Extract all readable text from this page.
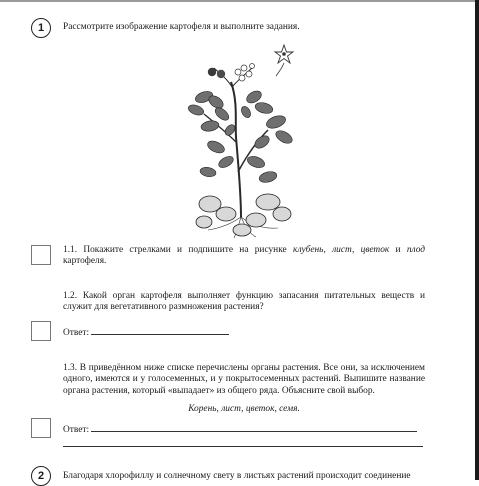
1 Рассмотрите изображение картофеля и выполните задания.
1.1. Покажите стрелками и подпишите на рисунке клубень, лист, цветок и плод картофеля.
1.2. Какой орган картофеля выполняет функцию запасания питательных веществ и служит для вегетативного размножения растения?
Ответ:
1.3. В приведённом ниже списке перечислены органы растения. Все они, за исключением одного, имеются и у голосеменных, и у покрытосеменных растений. Выпишите название органа растения, который «выпадает» из общего ряда. Объясните свой выбор.
Корень, лист, цветок, семя.
Ответ:
2 Благодаря хлорофиллу и солнечному свету в листьях растений происходит соединение
